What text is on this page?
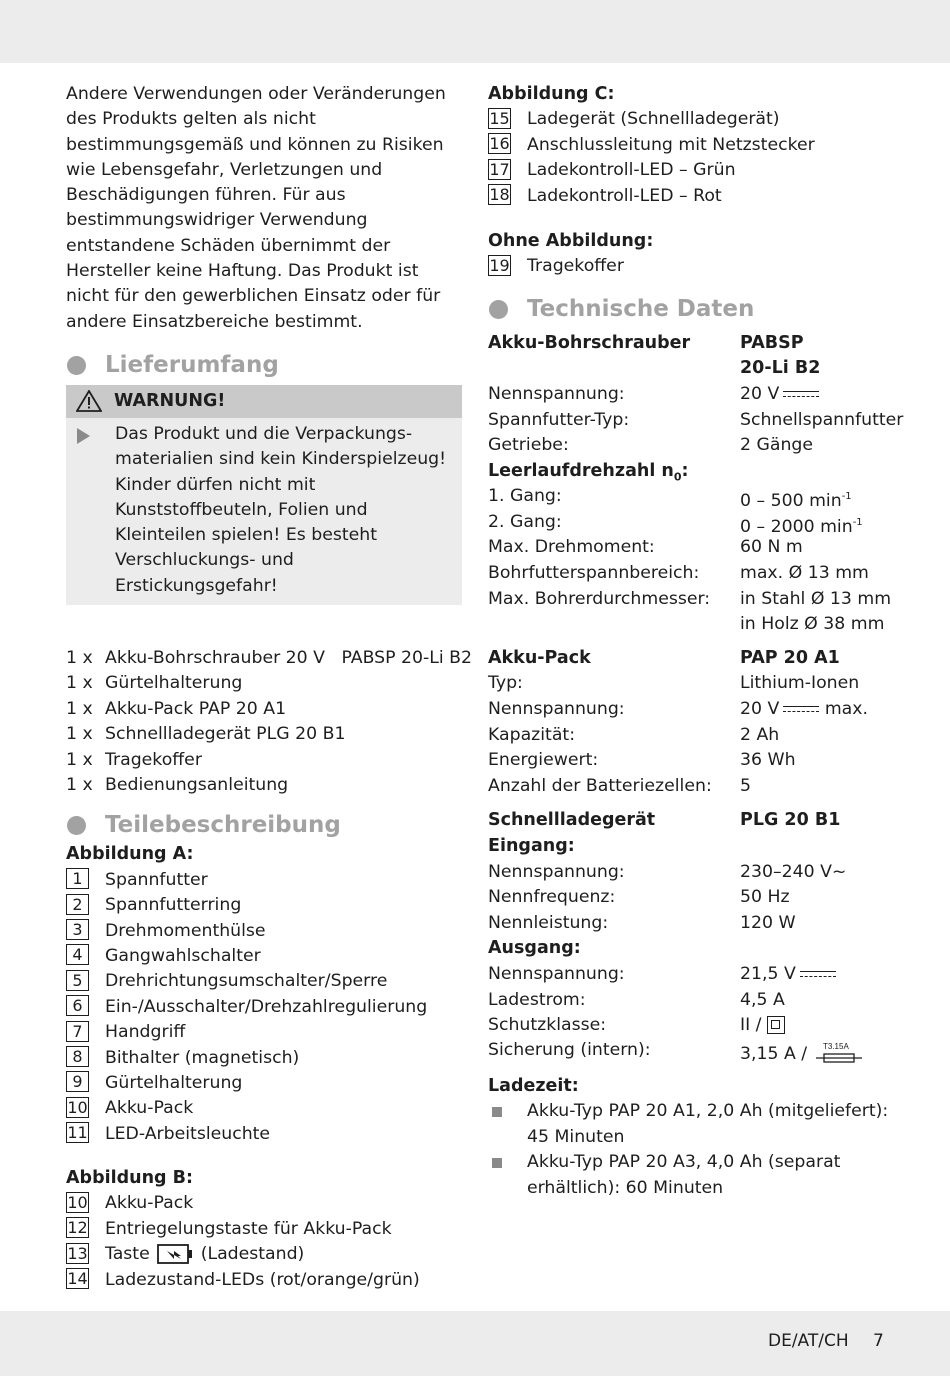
Andere Verwendungen oder Veränderungen des Produkts gelten als nicht bestimmungsgemäß und können zu Risiken wie Lebensgefahr, Verletzungen und Beschädigungen führen. Für aus bestimmungswidriger Verwendung entstandene Schäden übernimmt der Hersteller keine Haftung. Das Produkt ist nicht für den gewerblichen Einsatz oder für andere Einsatzbereiche bestimmt.

Lieferumfang
WARNUNG!
Das Produkt und die Verpackungsmaterialien sind kein Kinderspielzeug! Kinder dürfen nicht mit Kunststoffbeuteln, Folien und Kleinteilen spielen! Es besteht Verschluckungs- und Erstickungsgefahr!
1 x Akku-Bohrschrauber 20 V   PABSP 20-Li B2
1 x Gürtelhalterung
1 x Akku-Pack PAP 20 A1
1 x Schnellladegerät PLG 20 B1
1 x Tragekoffer
1 x Bedienungsanleitung
Teilebeschreibung
Abbildung A:
1 Spannfutter
2 Spannfutterring
3 Drehmomenthülse
4 Gangwahlschalter
5 Drehrichtungsumschalter/Sperre
6 Ein-/Ausschalter/Drehzahlregulierung
7 Handgriff
8 Bithalter (magnetisch)
9 Gürtelhalterung
10 Akku-Pack
11 LED-Arbeitsleuchte
Abbildung B:
10 Akku-Pack
12 Entriegelungstaste für Akku-Pack
13 Taste	(Ladestand)
14 Ladezustand-LEDs (rot/orange/grün)
Abbildung C:
15 Ladegerät (Schnellladegerät)
16 Anschlussleitung mit Netzstecker
17 Ladekontroll-LED – Grün
18 Ladekontroll-LED – Rot
Ohne Abbildung:
19 Tragekoffer
Technische Daten
Akku-Bohrschrauber	PABSP
20-Li B2
Nennspannung:	20 V
Spannfutter-Typ:	Schnellspannfutter
Getriebe:	2 Gänge
Leerlaufdrehzahl $n_0$:
1. Gang:	0 – 500 $\min^{-1}$
2. Gang:	0 – 2000 $\min^{-1}$
Max. Drehmoment:	60 N m
Bohrfutterspannbereich: max. Ø 13 mm
Max. Bohrerdurchmesser: in Stahl Ø 13 mm
in Holz Ø 38 mm
Akku-Pack	PAP 20 A1
Typ:	Lithium-Ionen
Nennspannung:	20 V	max.
Kapazität:	2 Ah
Energiewert:	36 Wh
Anzahl der Batteriezellen: 5
Schnellladegerät	PLG 20 B1
Eingang:
Nennspannung:	230–240 V~
Nennfrequenz:	50 Hz
Nennleistung:	120 W
Ausgang:
Nennspannung:	21,5 V
Ladestrom:	4,5 A
Schutzklasse:	II /
Sicherung (intern):	3,15 A / T3.15A
Ladezeit:
Akku-Typ PAP 20 A1, 2,0 Ah (mitgeliefert): 45 Minuten
Akku-Typ PAP 20 A3, 4,0 Ah (separat erhältlich): 60 Minuten
DE/AT/CH 7
